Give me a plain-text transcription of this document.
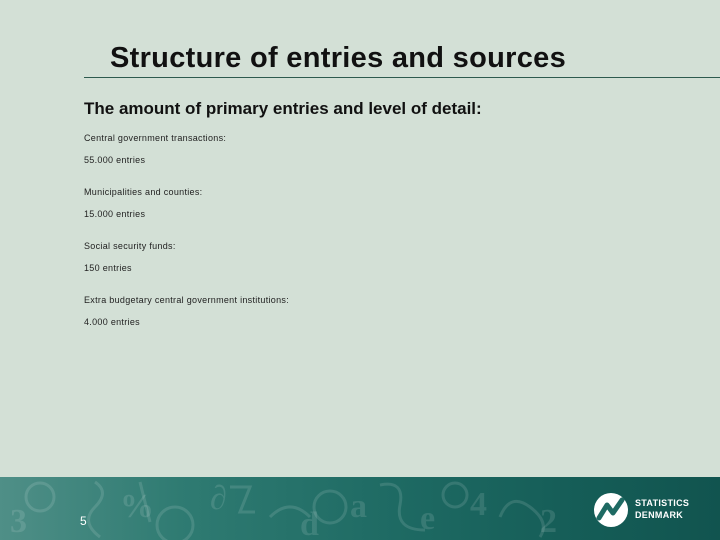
Structure of entries and sources
The amount of primary entries and level of detail:
Central government transactions:
55.000 entries
Municipalities and counties:
15.000 entries
Social security funds:
150 entries
Extra budgetary central government institutions:
4.000 entries
3	% ∂
d a e 4 2
5
STATISTICS
DENMARK
